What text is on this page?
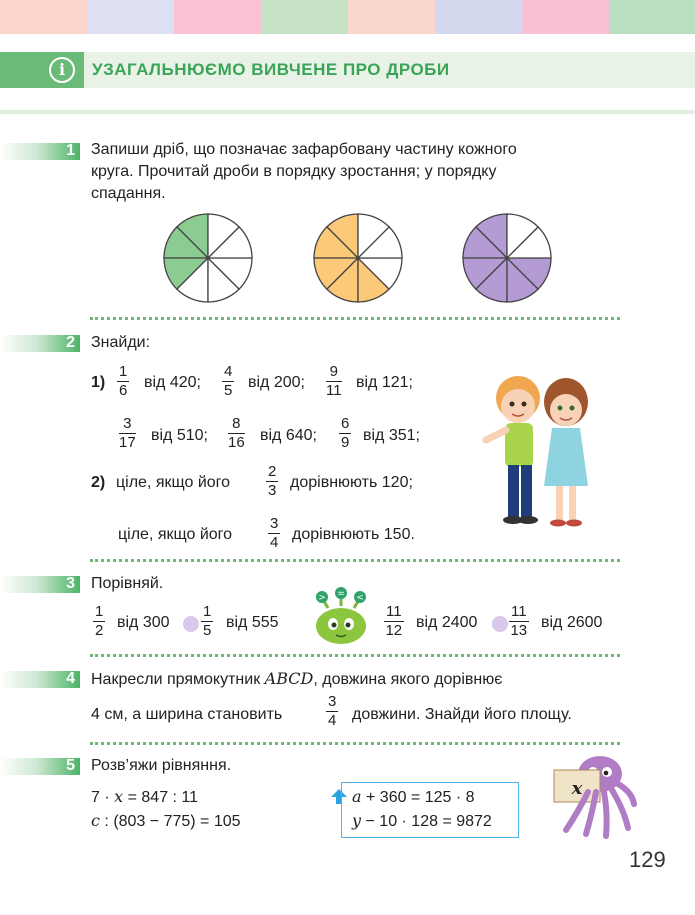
i	УЗАГАЛЬНЮЄМО ВИВЧЕНЕ ПРО ДРОБИ
1 Запиши дріб, що позначає зафарбовану частину кожного
круга. Прочитай дроби в порядку зростання; у порядку
спадання.
2 Знайди:
$1) \frac{1}{6}$ від 420; $\frac{4}{5}$ від 200; $\frac{9}{11}$ від 121;
$\frac{3}{17}$ від 510; $\frac{8}{16}$ від 640; $\frac{6}{9}$ від 351;
2) ціле, якщо його $\frac{2}{3}$ дорівнюють 120;
ціле, якщо його $\frac{3}{4}$ дорівнюють 150.
3 Порівняй.
$\frac{1}{2}$ від $300 \frac{1}{5}$ від 555
> = <
$\frac{11}{12}$ від $2400 \frac{11}{13}$ від 2600
4 Накресли прямокутник ABCD, довжина якого дорівнює
4 см, а ширина становить	$\frac{3}{4}$ довжини. Знайди його площу.
5 Розв’яжи рівняння.
7 · x = 847 : 11
c : (803 − 775) = 105
a + 360 = 125 · 8
y − 10 · 128 = 9872
x
129
